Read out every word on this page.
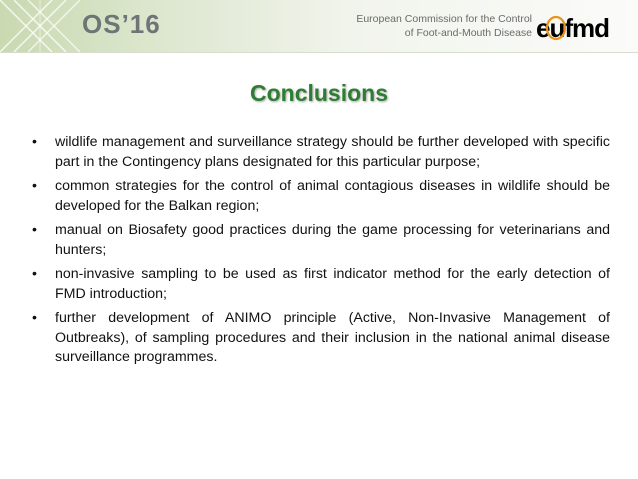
OS’16	European Commission for the Control
of Foot-and-Mouth Disease eufmd
Conclusions
• wildlife management and surveillance strategy should be further developed with specific part in the Contingency plans designated for this particular purpose;
• common strategies for the control of animal contagious diseases in wildlife should be developed for the Balkan region;
• manual on Biosafety good practices during the game processing for veterinarians and hunters;
• non-invasive sampling to be used as first indicator method for the early detection of FMD introduction;
• further development of ANIMO principle (Active, Non-Invasive Management of Outbreaks), of sampling procedures and their inclusion in the national animal disease surveillance programmes.
